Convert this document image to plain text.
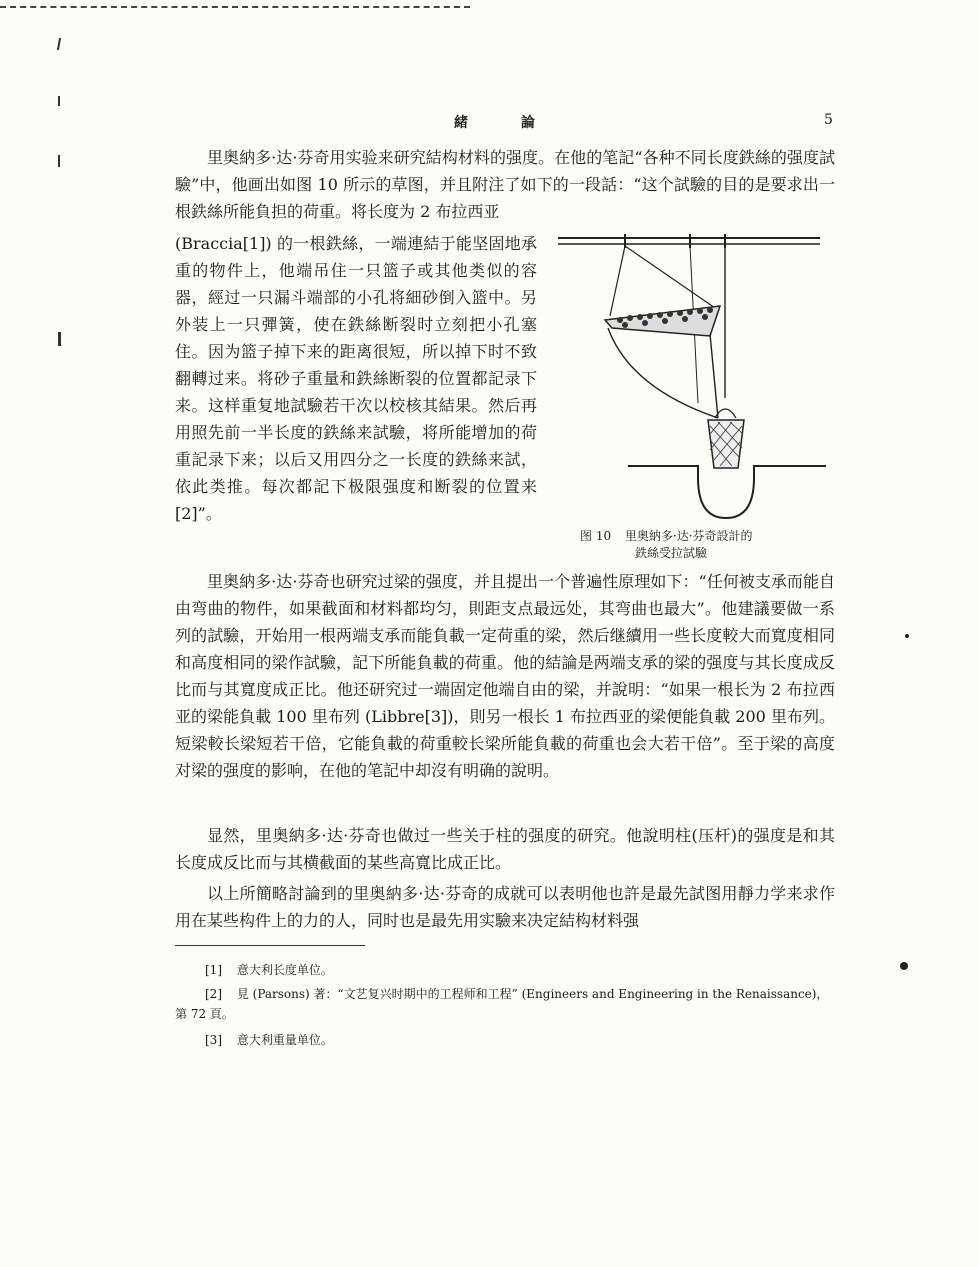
緒 論	5

里奥納多·达·芬奇用实验来研究結构材料的强度。在他的笔記“各种不同长度鉄絲的强度試驗”中，他画出如图 10 所示的草图，并且附注了如下的一段話：“这个試驗的目的是要求出一根鉄絲所能負担的荷重。将长度为 2 布拉西亚

(Braccia[1]) 的一根鉄絲，一端連結于能坚固地承重的物件上，他端吊住一只篮子或其他类似的容器，經过一只漏斗端部的小孔将細砂倒入篮中。另外装上一只彈簧，使在鉄絲断裂时立刻把小孔塞住。因为篮子掉下来的距离很短，所以掉下时不致翻轉过来。将砂子重量和鉄絲断裂的位置都記录下来。这样重复地試驗若干次以校核其結果。然后再用照先前一半长度的鉄絲来試驗，将所能增加的荷重記录下来；以后又用四分之一长度的鉄絲来試，依此类推。每次都記下极限强度和断裂的位置来[2]”。

图 10 里奥納多·达·芬奇設計的
鉄絲受拉試驗

里奥納多·达·芬奇也研究过梁的强度，并且提出一个普遍性原理如下：“任何被支承而能自由弯曲的物件，如果截面和材料都均匀，則距支点最远处，其弯曲也最大”。他建議要做一系列的試驗，开始用一根两端支承而能負載一定荷重的梁，然后继續用一些长度較大而寬度相同和高度相同的梁作試驗，記下所能負載的荷重。他的結論是两端支承的梁的强度与其长度成反比而与其寬度成正比。他还研究过一端固定他端自由的梁，并說明：“如果一根长为 2 布拉西亚的梁能負載 100 里布列 (Libbre[3])，則另一根长 1 布拉西亚的梁便能負載 200 里布列。短梁較长梁短若干倍，它能負載的荷重較长梁所能負載的荷重也会大若干倍”。至于梁的高度对梁的强度的影响，在他的笔記中却沒有明确的說明。

显然，里奥納多·达·芬奇也做过一些关于柱的强度的研究。他說明柱(压杆)的强度是和其长度成反比而与其横截面的某些高寬比成正比。

以上所簡略討論到的里奥納多·达·芬奇的成就可以表明他也許是最先試图用靜力学来求作用在某些构件上的力的人，同时也是最先用实驗来决定結构材料强

[1] 意大利长度单位。
[2] 見 (Parsons) 著：“文艺复兴时期中的工程师和工程” (Engineers and Engineering in the Renaissance)，第 72 頁。
[3] 意大利重量单位。
